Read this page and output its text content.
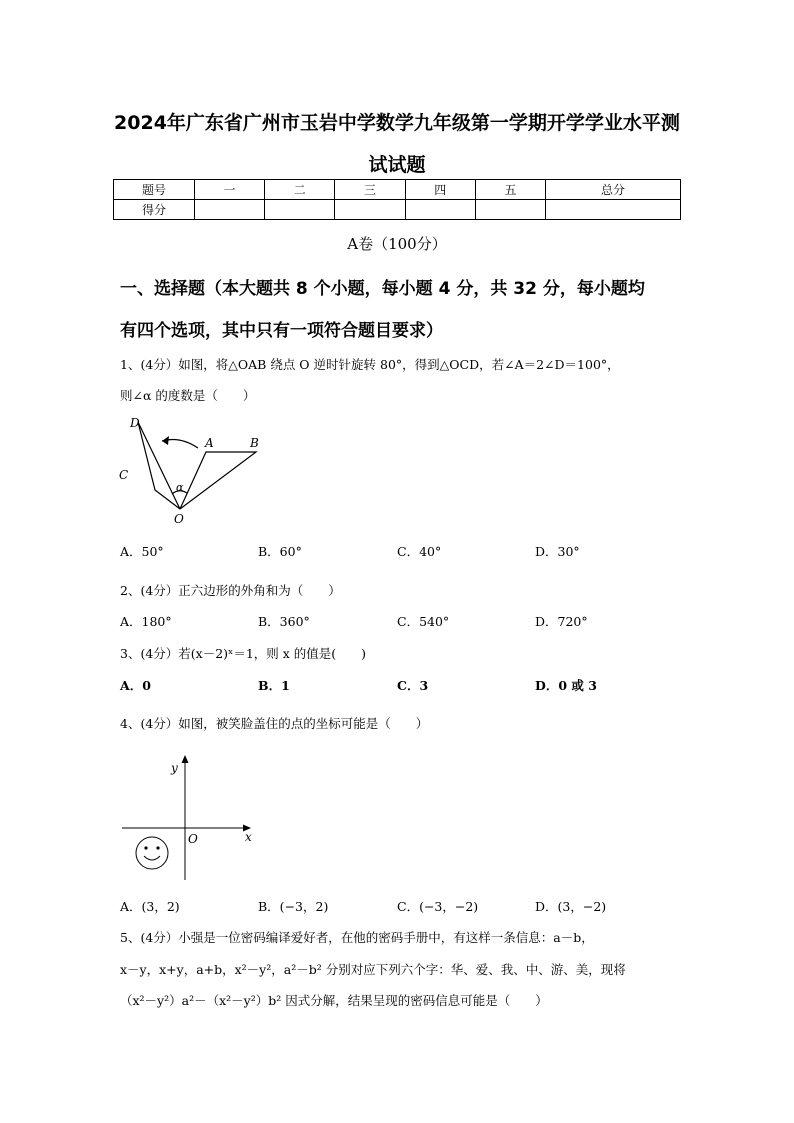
2024年广东省广州市玉岩中学数学九年级第一学期开学学业水平测
试试题
题号	一	二	三	四	五	总分
得分						
A卷（100分）
一、选择题（本大题共 8 个小题，每小题 4 分，共 32 分，每小题均
有四个选项，其中只有一项符合题目要求）
1、(4分）如图，将△OAB 绕点 O 逆时针旋转 80°，得到△OCD，若∠A＝2∠D＝100°，
则∠α 的度数是（　　）
D
A	B
C
α
O
A．50°	B．60°	C．40°	D．30°
2、(4分）正六边形的外角和为（　　）
A．180°	B．360°	C．540°	D．720°
3、(4分）若(x－2)ˣ＝1，则 x 的值是(　　)
A．0	B．1	C．3	D．0 或 3
4、(4分）如图，被笑脸盖住的点的坐标可能是（　　）
y
x
O
A．(3，2)	B．(−3，2)	C．(−3，−2)	D．(3，−2)
5、(4分）小强是一位密码编译爱好者，在他的密码手册中，有这样一条信息：a－b，
x－y，x+y，a+b，x²－y²，a²－b² 分别对应下列六个字：华、爱、我、中、游、美，现将
（x²－y²）a²－（x²－y²）b² 因式分解，结果呈现的密码信息可能是（　　）
